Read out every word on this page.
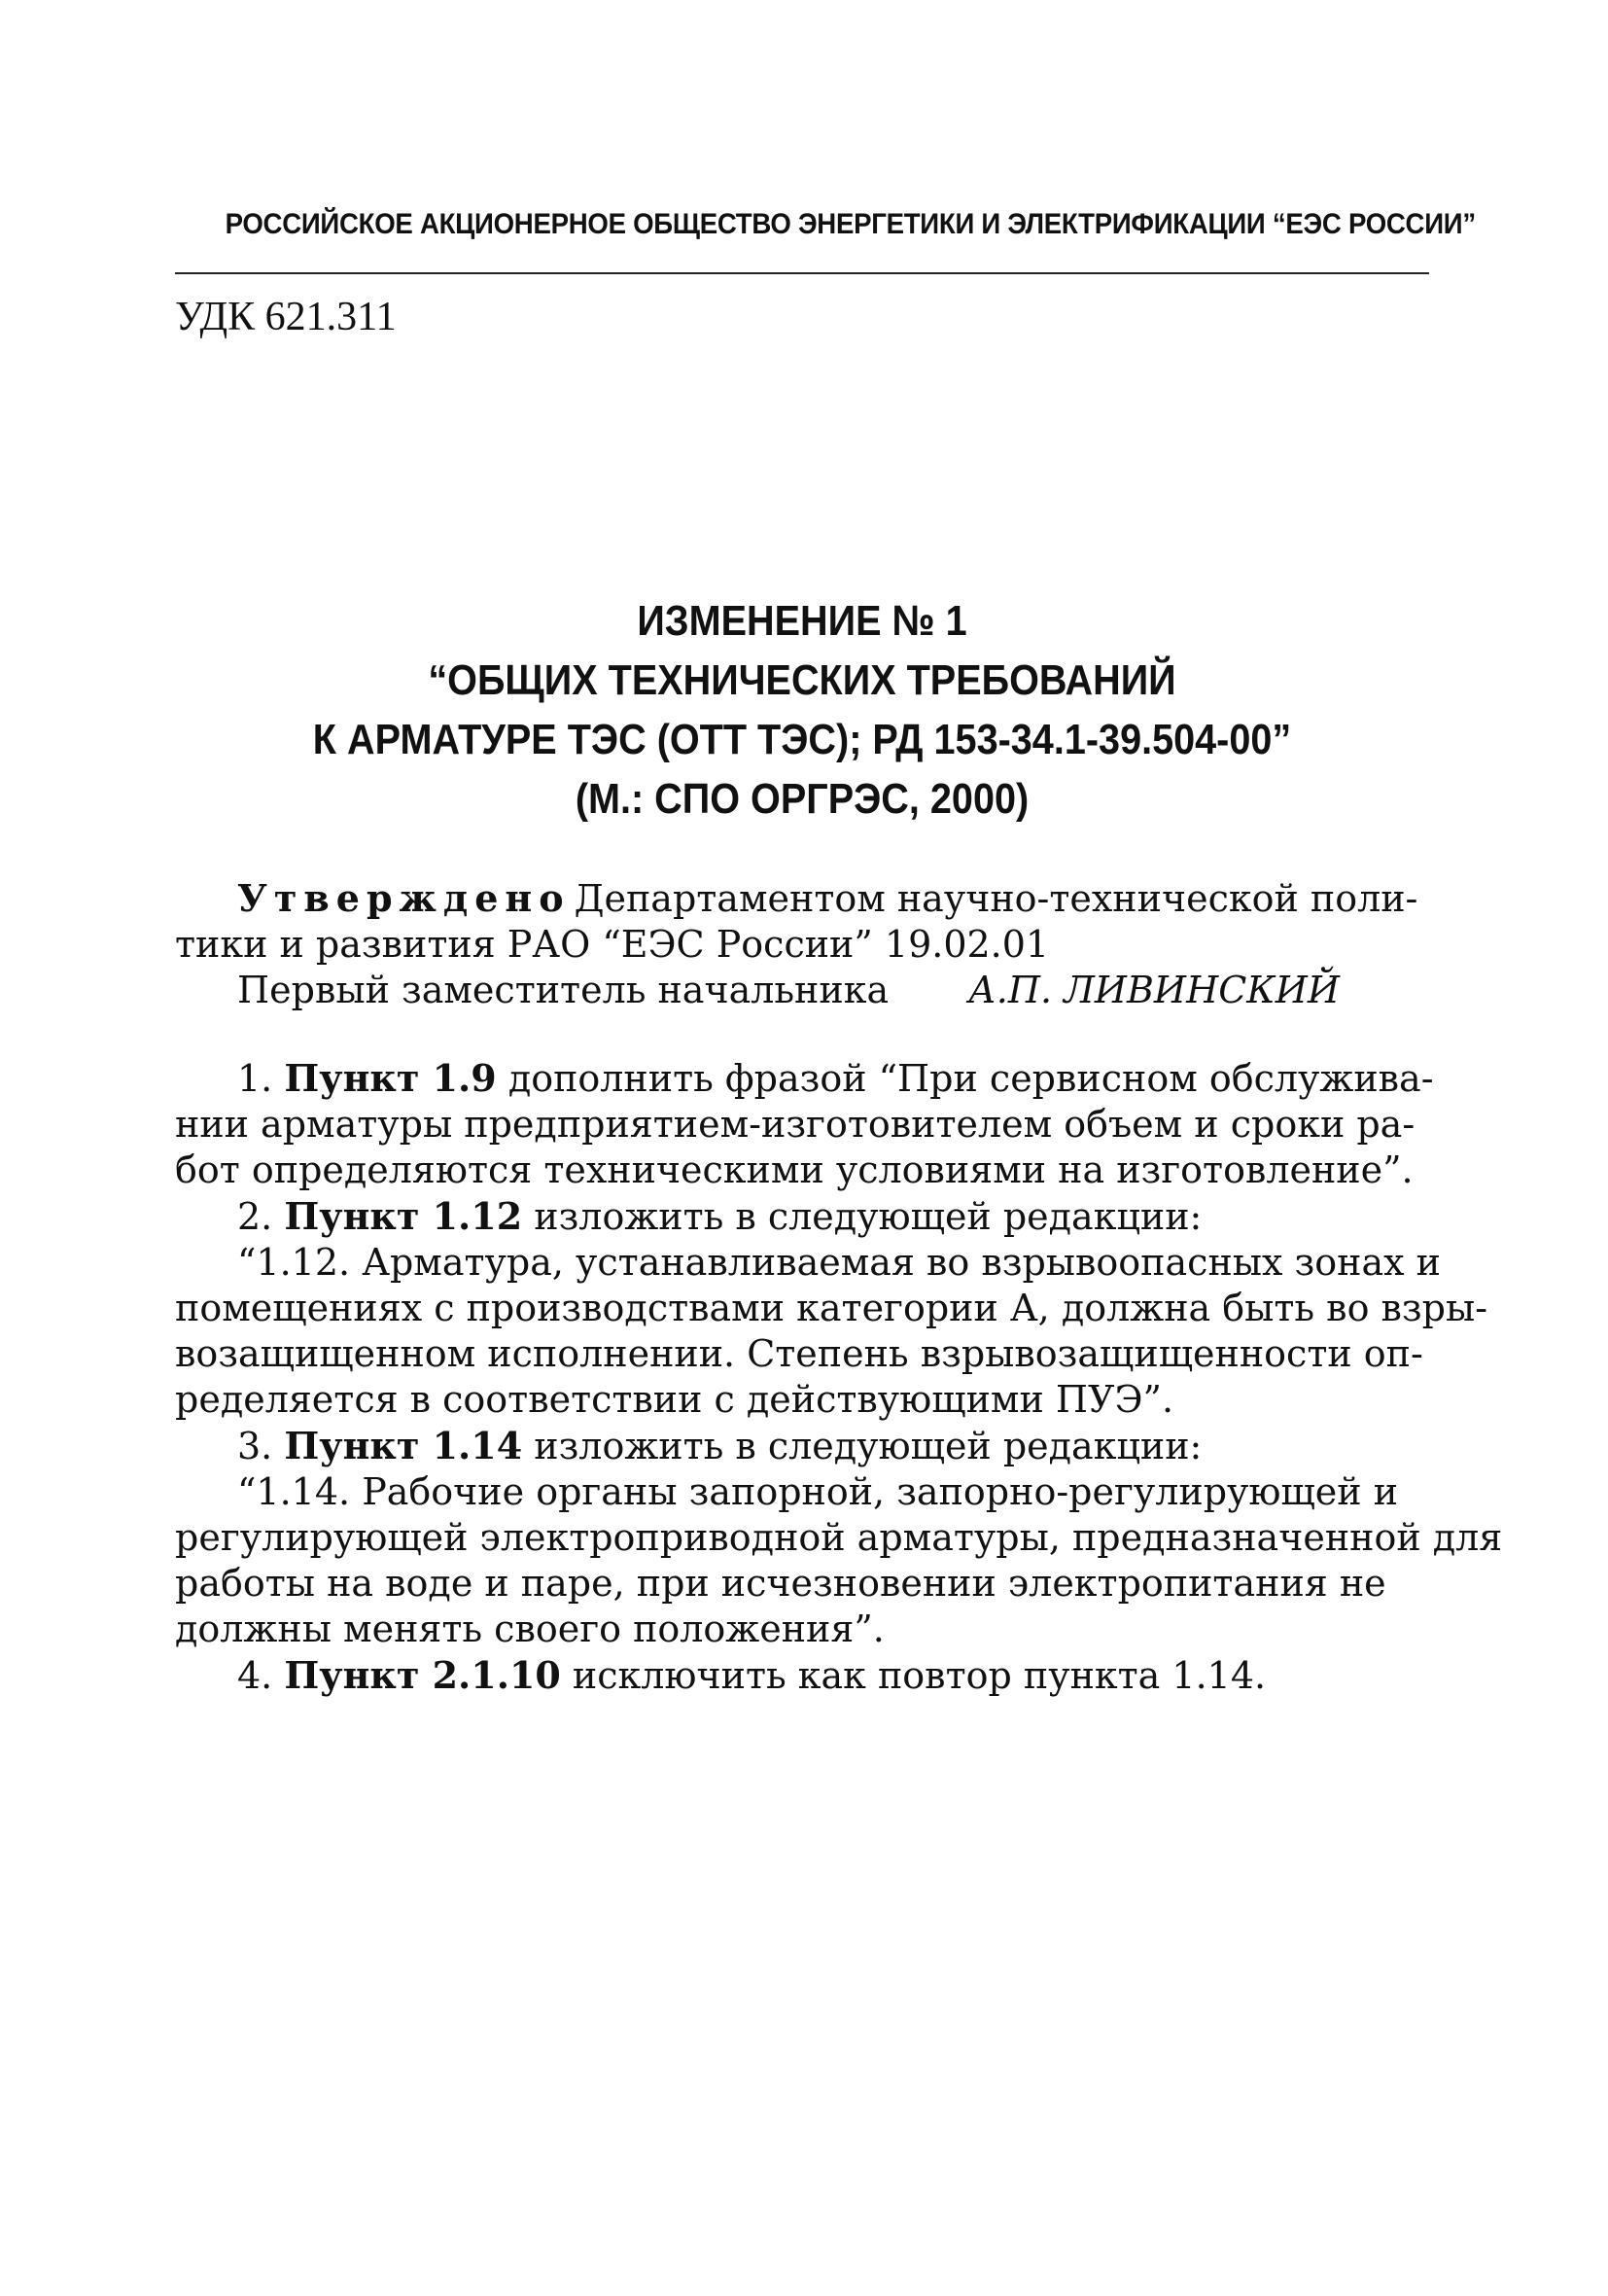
РОССИЙСКОЕ АКЦИОНЕРНОЕ ОБЩЕСТВО ЭНЕРГЕТИКИ И ЭЛЕКТРИФИКАЦИИ “ЕЭС РОССИИ”
УДК 621.311
ИЗМЕНЕНИЕ № 1
“ОБЩИХ ТЕХНИЧЕСКИХ ТРЕБОВАНИЙ
К АРМАТУРЕ ТЭС (ОТТ ТЭС); РД 153-34.1-39.504-00”
(М.: СПО ОРГРЭС, 2000)
Утверждено Департаментом научно-технической поли-
тики и развития РАО “ЕЭС России” 19.02.01
Первый заместитель начальника А.П. ЛИВИНСКИЙ
1. Пункт 1.9 дополнить фразой “При сервисном обслужива-
нии арматуры предприятием-изготовителем объем и сроки ра-
бот определяются техническими условиями на изготовление”.
2. Пункт 1.12 изложить в следующей редакции:
“1.12. Арматура, устанавливаемая во взрывоопасных зонах и
помещениях с производствами категории А, должна быть во взры-
возащищенном исполнении. Степень взрывозащищенности оп-
ределяется в соответствии с действующими ПУЭ”.
3. Пункт 1.14 изложить в следующей редакции:
“1.14. Рабочие органы запорной, запорно-регулирующей и
регулирующей электроприводной арматуры, предназначенной для
работы на воде и паре, при исчезновении электропитания не
должны менять своего положения”.
4. Пункт 2.1.10 исключить как повтор пункта 1.14.
